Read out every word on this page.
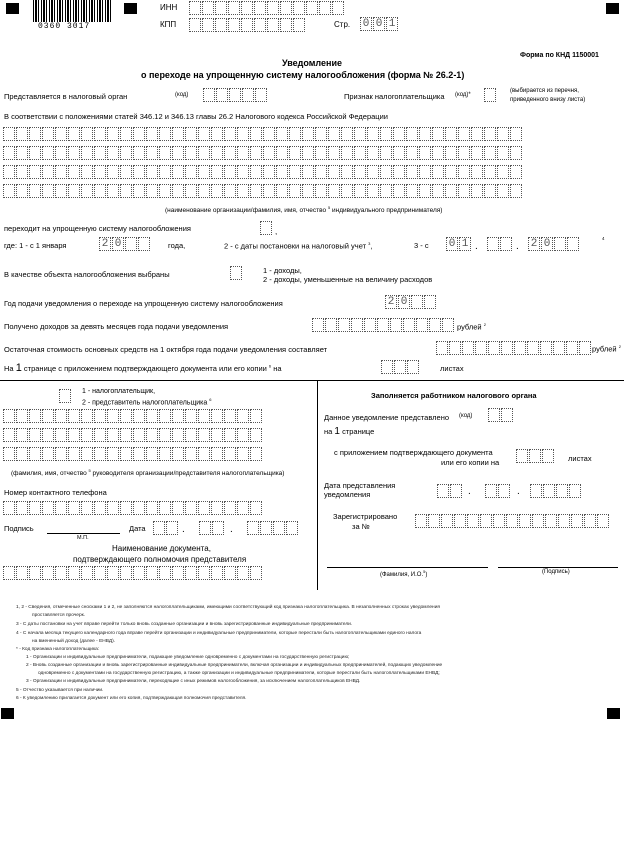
0360 3017
ИНН
КПП	Стр. 0 0 1
Форма по КНД 1150001
Уведомление
о переходе на упрощенную систему налогообложения (форма № 26.2-1)
Представляется в налоговый орган	(код)	Признак налогоплательщика (код)*
(выбирается из перечня,
приведенного внизу листа)
В соответствии с положениями статей 346.12 и 346.13 главы 26.2 Налогового кодекса Российской Федерации
(наименование организации/фамилия, имя, отчество $^5$ индивидуального предпринимателя)
переходит на упрощенную систему налогообложения	,
где: 1 - с 1 января	2 0	года,	2 - с даты постановки на налоговый учет $^3$,	3 - с 0 1 .	. 2 0	4
В качестве объекта налогообложения выбраны	1 - доходы,
2 - доходы, уменьшенные на величину расходов
Год подачи уведомления о переходе на упрощенную систему налогообложения	2 0
Получено доходов за девять месяцев года подачи уведомления	рублей $^2$
Остаточная стоимость основных средств на 1 октября года подачи уведомления составляет	рублей $^2$
На 1 странице с приложением подтверждающего документа или его копии $^6$ на	листах
1 - налогоплательщик,
2 - представитель налогоплательщика $^6$
(фамилия, имя, отчество $^5$ руководителя организации/представителя налогоплательщика)
Номер контактного телефона
Подпись
М.П.
Дата	.	.
Наименование документа,
подтверждающего полномочия представителя
Заполняется работником налогового органа
Данное уведомление представлено (код)
на 1 странице
с приложением подтверждающего документа
или его копии на	листах
Дата представления
уведомления	.	.
Зарегистрировано
за №
(Фамилия, И.О.$^5$)	(Подпись)
1, 2 - Сведения, отмеченные сносками 1 и 2, не заполняются налогоплательщиками, имеющими соответствующий код признака налогоплательщика. В незаполненных строках уведомления
проставляется прочерк.
3 - С даты постановки на учет вправе перейти только вновь созданные организации и вновь зарегистрированные индивидуальные предприниматели.
4 - С начала месяца текущего календарного года вправе перейти организации и индивидуальные предприниматели, которые перестали быть налогоплательщиками единого налога
на вмененный доход (далее - ЕНВД).
* - Код признака налогоплательщика:
1 - Организации и индивидуальные предприниматели, подающие уведомление одновременно с документами на государственную регистрацию;
2 - Вновь созданные организации и вновь зарегистрированные индивидуальные предприниматели, включая организации и индивидуальных предпринимателей, подающих уведомление
одновременно с документами на государственную регистрацию, а также организации и индивидуальные предприниматели, которые перестали быть налогоплательщиками ЕНВД;
3 - Организации и индивидуальные предприниматели, переходящие с иных режимов налогообложения, за исключением налогоплательщиков ЕНВД.
5 - Отчество указывается при наличии.
6 - К уведомлению прилагается документ или его копия, подтверждающая полномочия представителя.
